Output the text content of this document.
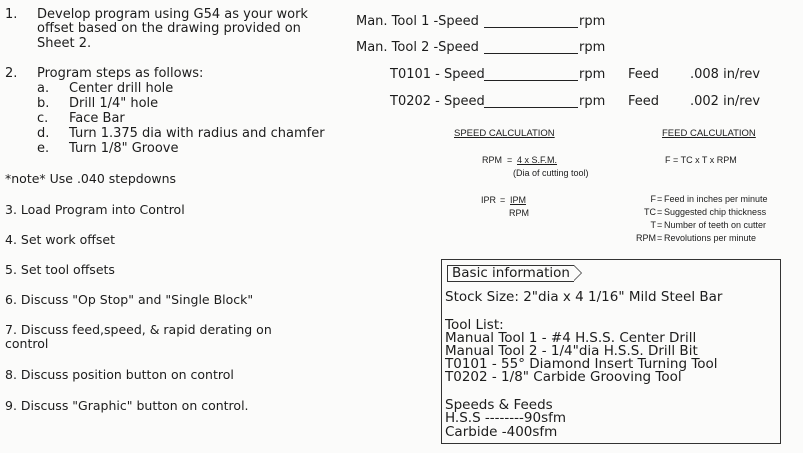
1. Develop program using G54 as your work
offset based on the drawing provided on
Sheet 2.
2. Program steps as follows:
a. Center drill hole
b. Drill 1/4" hole
c. Face Bar
d. Turn 1.375 dia with radius and chamfer
e. Turn 1/8" Groove
*note* Use .040 stepdowns
3. Load Program into Control
4. Set work offset
5. Set tool offsets
6. Discuss "Op Stop" and "Single Block"
7. Discuss feed,speed, & rapid derating on
control
8. Discuss position button on control
9. Discuss "Graphic" button on control.
Man. Tool 1 -Speed	rpm
Man. Tool 2 -Speed	rpm
T0101 - Speed	rpm Feed .008 in/rev
T0202 - Speed	rpm Feed .002 in/rev
SPEED CALCULATION	FEED CALCULATION
RPM = 4 x S.F.M.
(Dia of cutting tool)
F = TC x T x RPM
IPR = IPM
RPM
F = Feed in inches per minute
TC = Suggested chip thickness
T = Number of teeth on cutter
RPM = Revolutions per minute
Basic information
Stock Size: 2"dia x 4 1/16" Mild Steel Bar
Tool List:
Manual Tool 1 - #4 H.S.S. Center Drill
Manual Tool 2 - 1/4"dia H.S.S. Drill Bit
T0101 - 55° Diamond Insert Turning Tool
T0202 - 1/8" Carbide Grooving Tool
Speeds & Feeds
H.S.S --------90sfm
Carbide -400sfm
